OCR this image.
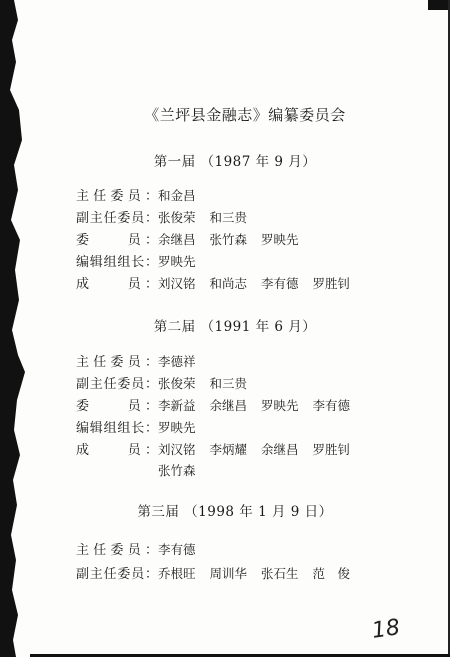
《兰坪县金融志》编纂委员会
第一届 （1987 年 9 月）
主任委员：和金昌
副主任委员：张俊荣 和三贵
委　　员：余继昌 张竹森 罗映先
编辑组组长：罗映先
成　　员：刘汉铭 和尚志 李有德 罗胜钊
第二届 （1991 年 6 月）
主任委员：李德祥
副主任委员：张俊荣 和三贵
委　　员：李新益 余继昌 罗映先 李有德
编辑组组长：罗映先
成　　员：刘汉铭 李炳耀 余继昌 罗胜钊
张竹森
第三届 （1998 年 1 月 9 日）
主任委员：李有德
副主任委员：乔根旺 周训华 张石生 范　俊
18
